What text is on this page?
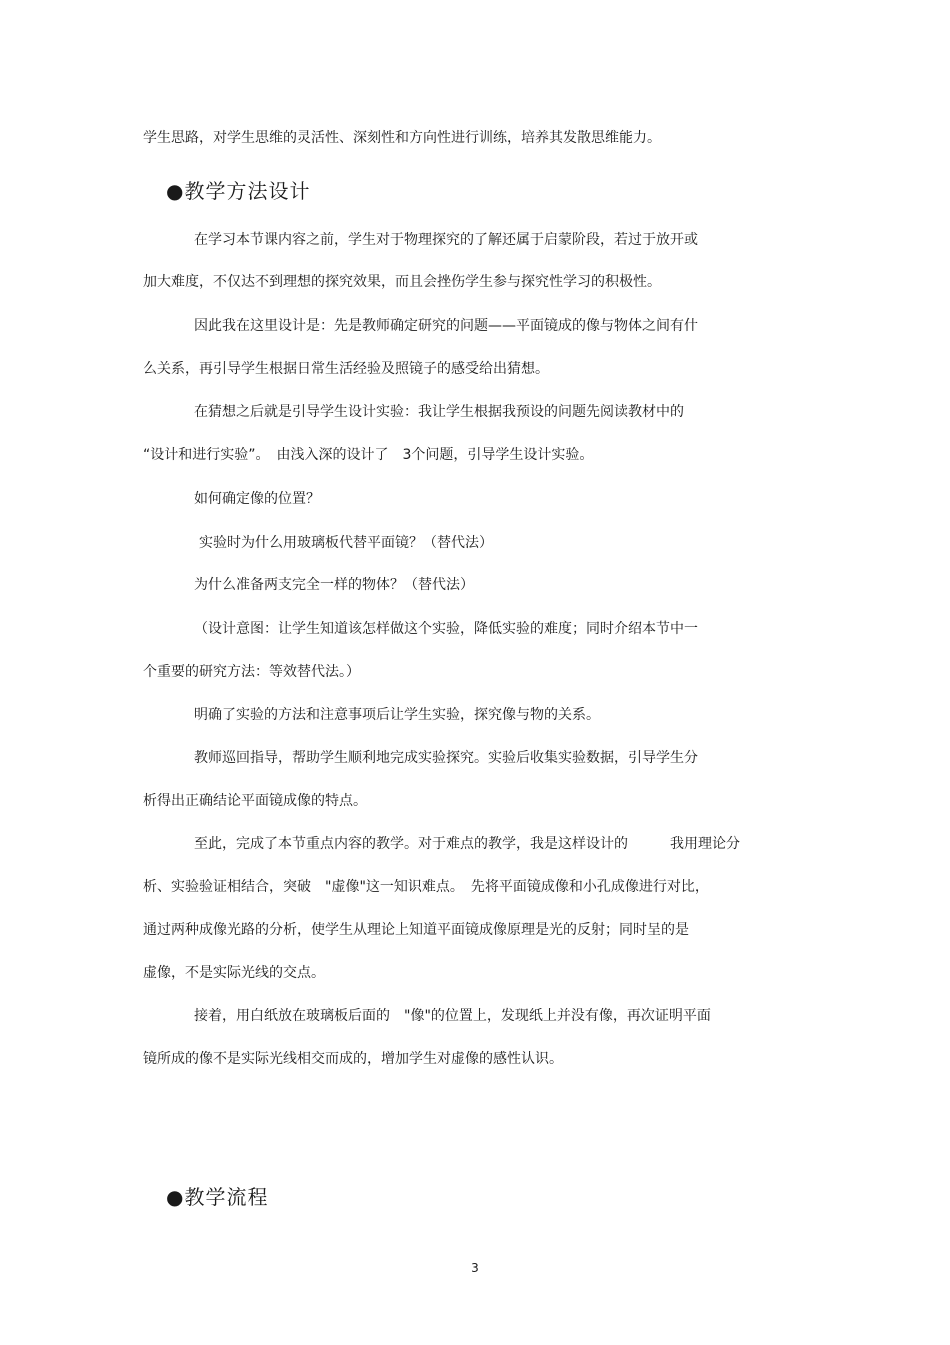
学生思路，对学生思维的灵活性、深刻性和方向性进行训练，培养其发散思维能力。
●教学方法设计
在学习本节课内容之前，学生对于物理探究的了解还属于启蒙阶段，若过于放开或
加大难度，不仅达不到理想的探究效果，而且会挫伤学生参与探究性学习的积极性。
因此我在这里设计是：先是教师确定研究的问题——平面镜成的像与物体之间有什
么关系，再引导学生根据日常生活经验及照镜子的感受给出猜想。
在猜想之后就是引导学生设计实验：我让学生根据我预设的问题先阅读教材中的
“设计和进行实验”。　由浅入深的设计了　3个问题，引导学生设计实验。
如何确定像的位置？
实验时为什么用玻璃板代替平面镜？（替代法）
为什么准备两支完全一样的物体？（替代法）
（设计意图：让学生知道该怎样做这个实验，降低实验的难度；同时介绍本节中一
个重要的研究方法：等效替代法。）
明确了实验的方法和注意事项后让学生实验，探究像与物的关系。
教师巡回指导，帮助学生顺利地完成实验探究。实验后收集实验数据，引导学生分
析得出正确结论平面镜成像的特点。
至此，完成了本节重点内容的教学。对于难点的教学，我是这样设计的　　　我用理论分
析、实验验证相结合，突破　"虚像"这一知识难点。　先将平面镜成像和小孔成像进行对比，
通过两种成像光路的分析，使学生从理论上知道平面镜成像原理是光的反射；同时呈的是
虚像，不是实际光线的交点。
接着，用白纸放在玻璃板后面的　"像"的位置上，发现纸上并没有像，再次证明平面
镜所成的像不是实际光线相交而成的，增加学生对虚像的感性认识。
●教学流程
3
